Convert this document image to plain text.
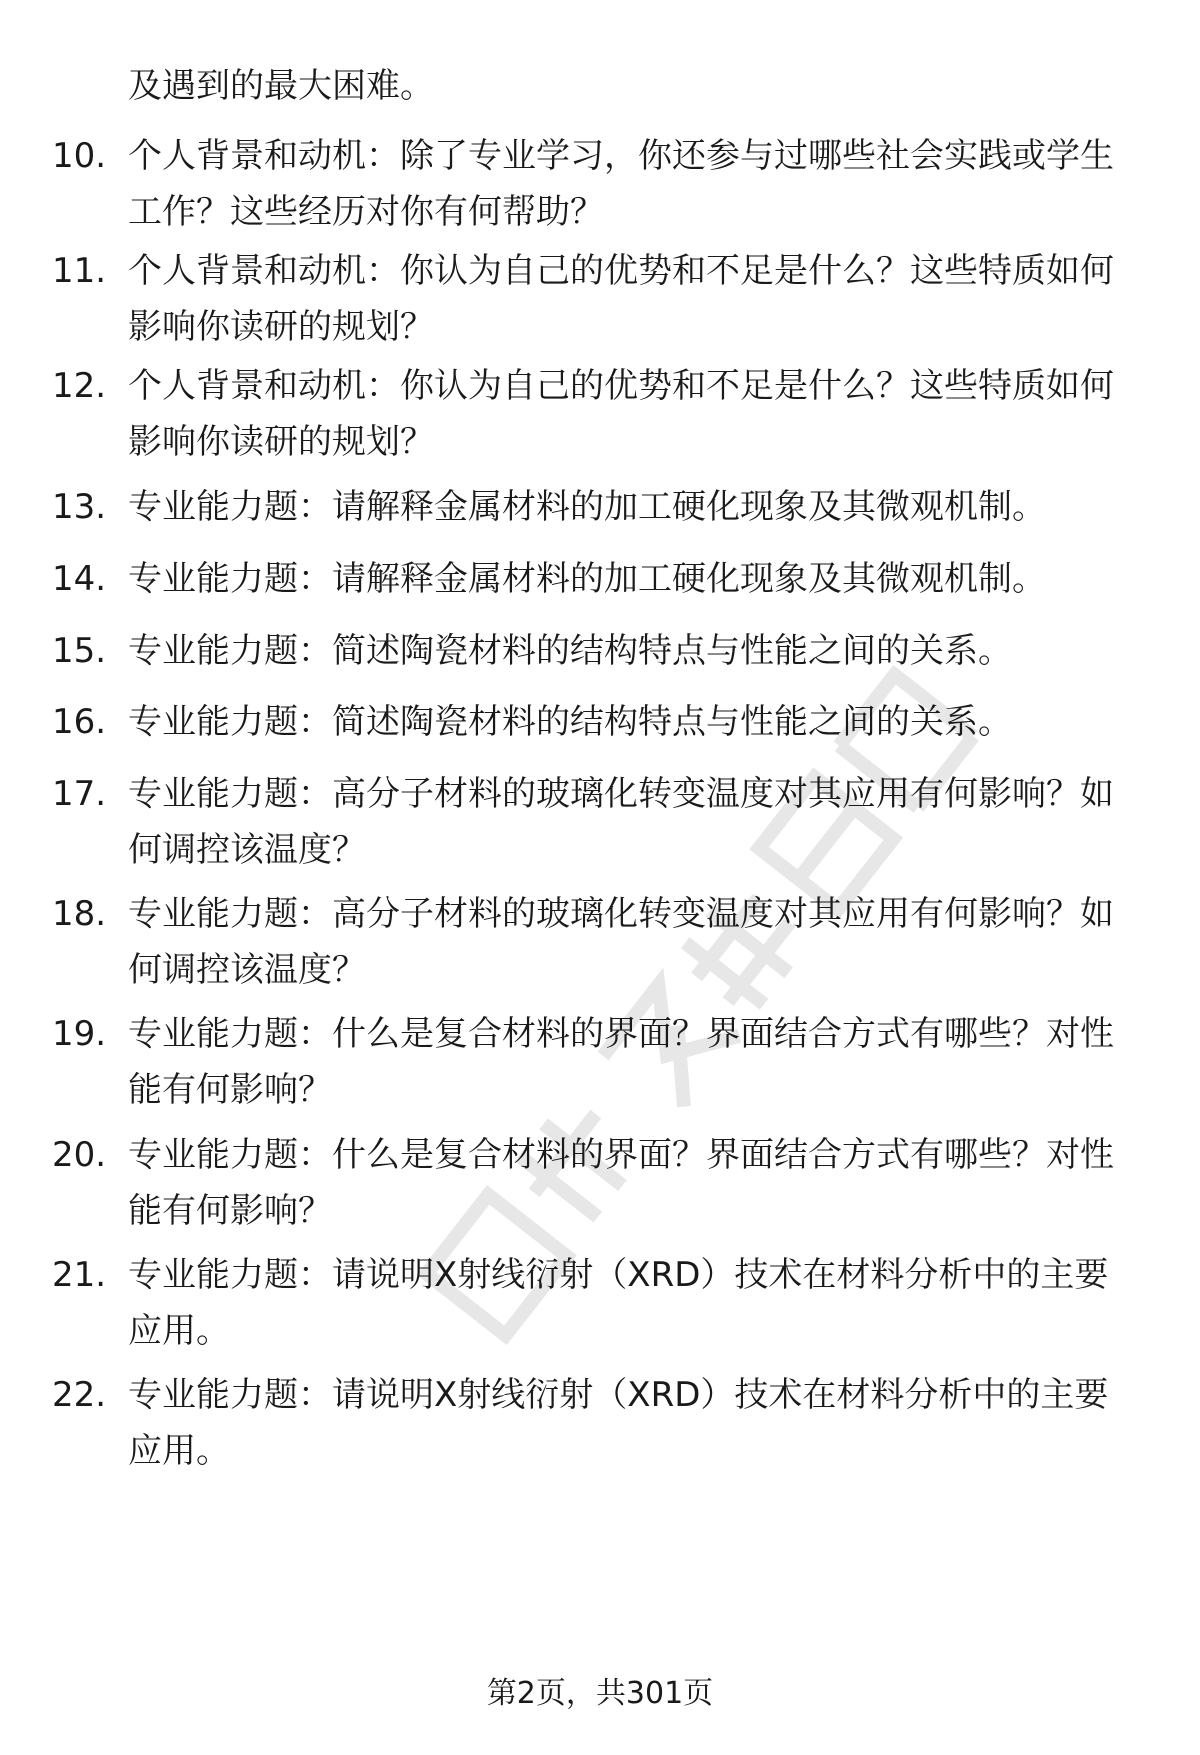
及遇到的最大困难。
10. 个人背景和动机：除了专业学习，你还参与过哪些社会实践或学生工作？这些经历对你有何帮助？
11. 个人背景和动机：你认为自己的优势和不足是什么？这些特质如何影响你读研的规划？
12. 个人背景和动机：你认为自己的优势和不足是什么？这些特质如何影响你读研的规划？
13. 专业能力题：请解释金属材料的加工硬化现象及其微观机制。
14. 专业能力题：请解释金属材料的加工硬化现象及其微观机制。
15. 专业能力题：简述陶瓷材料的结构特点与性能之间的关系。
16. 专业能力题：简述陶瓷材料的结构特点与性能之间的关系。
17. 专业能力题：高分子材料的玻璃化转变温度对其应用有何影响？如何调控该温度？
18. 专业能力题：高分子材料的玻璃化转变温度对其应用有何影响？如何调控该温度？
19. 专业能力题：什么是复合材料的界面？界面结合方式有哪些？对性能有何影响？
20. 专业能力题：什么是复合材料的界面？界面结合方式有哪些？对性能有何影响？
21. 专业能力题：请说明X射线衍射（XRD）技术在材料分析中的主要应用。
22. 专业能力题：请说明X射线衍射（XRD）技术在材料分析中的主要应用。
第2页，共301页
